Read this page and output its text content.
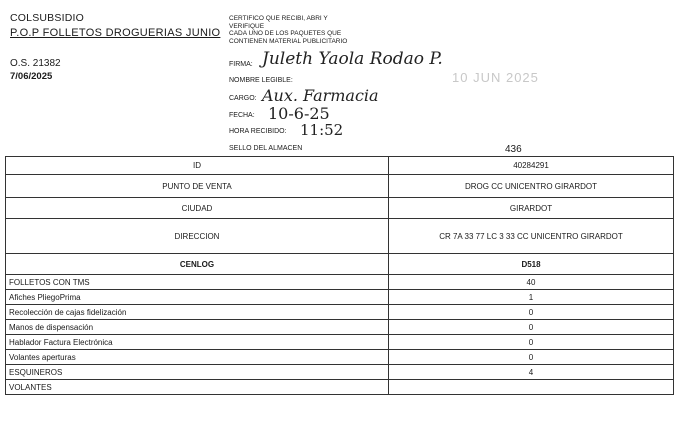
COLSUBSIDIO
P.O.P FOLLETOS DROGUERIAS JUNIO
O.S. 21382
7/06/2025
CERTIFICO QUE RECIBI, ABRI Y
VERIFIQUE
CADA UNO DE LOS PAQUETES QUE
CONTIENEN MATERIAL PUBLICITARIO
FIRMA: Juleth Yaola Rodao P.
NOMBRE LEGIBLE:
CARGO: Aux. Farmacia
FECHA: 10-6-25
HORA RECIBIDO: 11:52
SELLO DEL ALMACEN
10 JUN 2025
436
ID	40284291
PUNTO DE VENTA	DROG CC UNICENTRO GIRARDOT
CIUDAD	GIRARDOT
DIRECCION	CR 7A 33 77 LC 3 33 CC UNICENTRO GIRARDOT
CENLOG	D518
FOLLETOS CON TMS	40
Afiches PliegoPrima	1
Recolección de cajas fidelización	0
Manos de dispensación	0
Hablador Factura Electrónica	0
Volantes aperturas	0
ESQUINEROS	4
VOLANTES	
